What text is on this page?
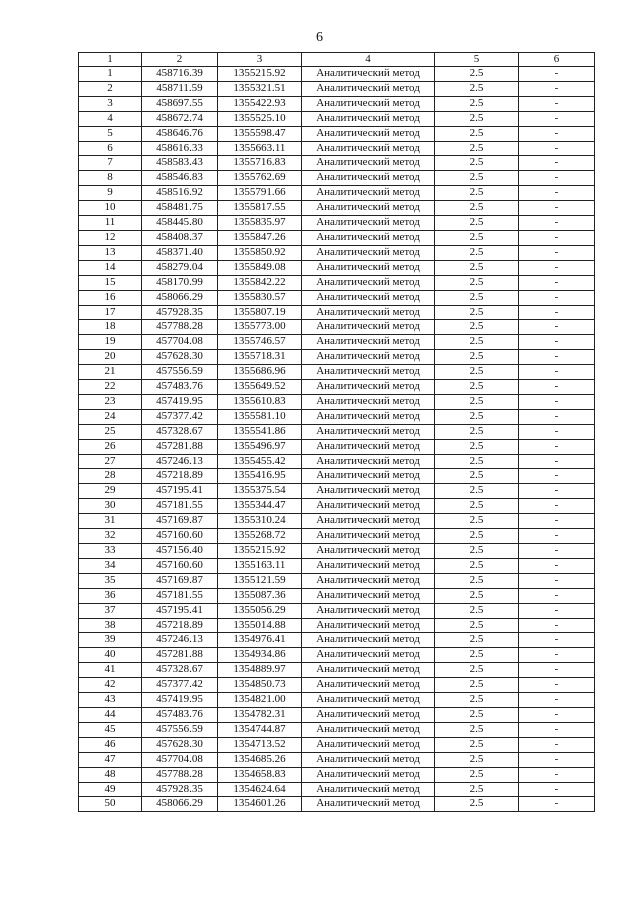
6
1	2	3	4	5	6
1	458716.39	1355215.92	Аналитический метод	2.5	-
2	458711.59	1355321.51	Аналитический метод	2.5	-
3	458697.55	1355422.93	Аналитический метод	2.5	-
4	458672.74	1355525.10	Аналитический метод	2.5	-
5	458646.76	1355598.47	Аналитический метод	2.5	-
6	458616.33	1355663.11	Аналитический метод	2.5	-
7	458583.43	1355716.83	Аналитический метод	2.5	-
8	458546.83	1355762.69	Аналитический метод	2.5	-
9	458516.92	1355791.66	Аналитический метод	2.5	-
10	458481.75	1355817.55	Аналитический метод	2.5	-
11	458445.80	1355835.97	Аналитический метод	2.5	-
12	458408.37	1355847.26	Аналитический метод	2.5	-
13	458371.40	1355850.92	Аналитический метод	2.5	-
14	458279.04	1355849.08	Аналитический метод	2.5	-
15	458170.99	1355842.22	Аналитический метод	2.5	-
16	458066.29	1355830.57	Аналитический метод	2.5	-
17	457928.35	1355807.19	Аналитический метод	2.5	-
18	457788.28	1355773.00	Аналитический метод	2.5	-
19	457704.08	1355746.57	Аналитический метод	2.5	-
20	457628.30	1355718.31	Аналитический метод	2.5	-
21	457556.59	1355686.96	Аналитический метод	2.5	-
22	457483.76	1355649.52	Аналитический метод	2.5	-
23	457419.95	1355610.83	Аналитический метод	2.5	-
24	457377.42	1355581.10	Аналитический метод	2.5	-
25	457328.67	1355541.86	Аналитический метод	2.5	-
26	457281.88	1355496.97	Аналитический метод	2.5	-
27	457246.13	1355455.42	Аналитический метод	2.5	-
28	457218.89	1355416.95	Аналитический метод	2.5	-
29	457195.41	1355375.54	Аналитический метод	2.5	-
30	457181.55	1355344.47	Аналитический метод	2.5	-
31	457169.87	1355310.24	Аналитический метод	2.5	-
32	457160.60	1355268.72	Аналитический метод	2.5	-
33	457156.40	1355215.92	Аналитический метод	2.5	-
34	457160.60	1355163.11	Аналитический метод	2.5	-
35	457169.87	1355121.59	Аналитический метод	2.5	-
36	457181.55	1355087.36	Аналитический метод	2.5	-
37	457195.41	1355056.29	Аналитический метод	2.5	-
38	457218.89	1355014.88	Аналитический метод	2.5	-
39	457246.13	1354976.41	Аналитический метод	2.5	-
40	457281.88	1354934.86	Аналитический метод	2.5	-
41	457328.67	1354889.97	Аналитический метод	2.5	-
42	457377.42	1354850.73	Аналитический метод	2.5	-
43	457419.95	1354821.00	Аналитический метод	2.5	-
44	457483.76	1354782.31	Аналитический метод	2.5	-
45	457556.59	1354744.87	Аналитический метод	2.5	-
46	457628.30	1354713.52	Аналитический метод	2.5	-
47	457704.08	1354685.26	Аналитический метод	2.5	-
48	457788.28	1354658.83	Аналитический метод	2.5	-
49	457928.35	1354624.64	Аналитический метод	2.5	-
50	458066.29	1354601.26	Аналитический метод	2.5	-
